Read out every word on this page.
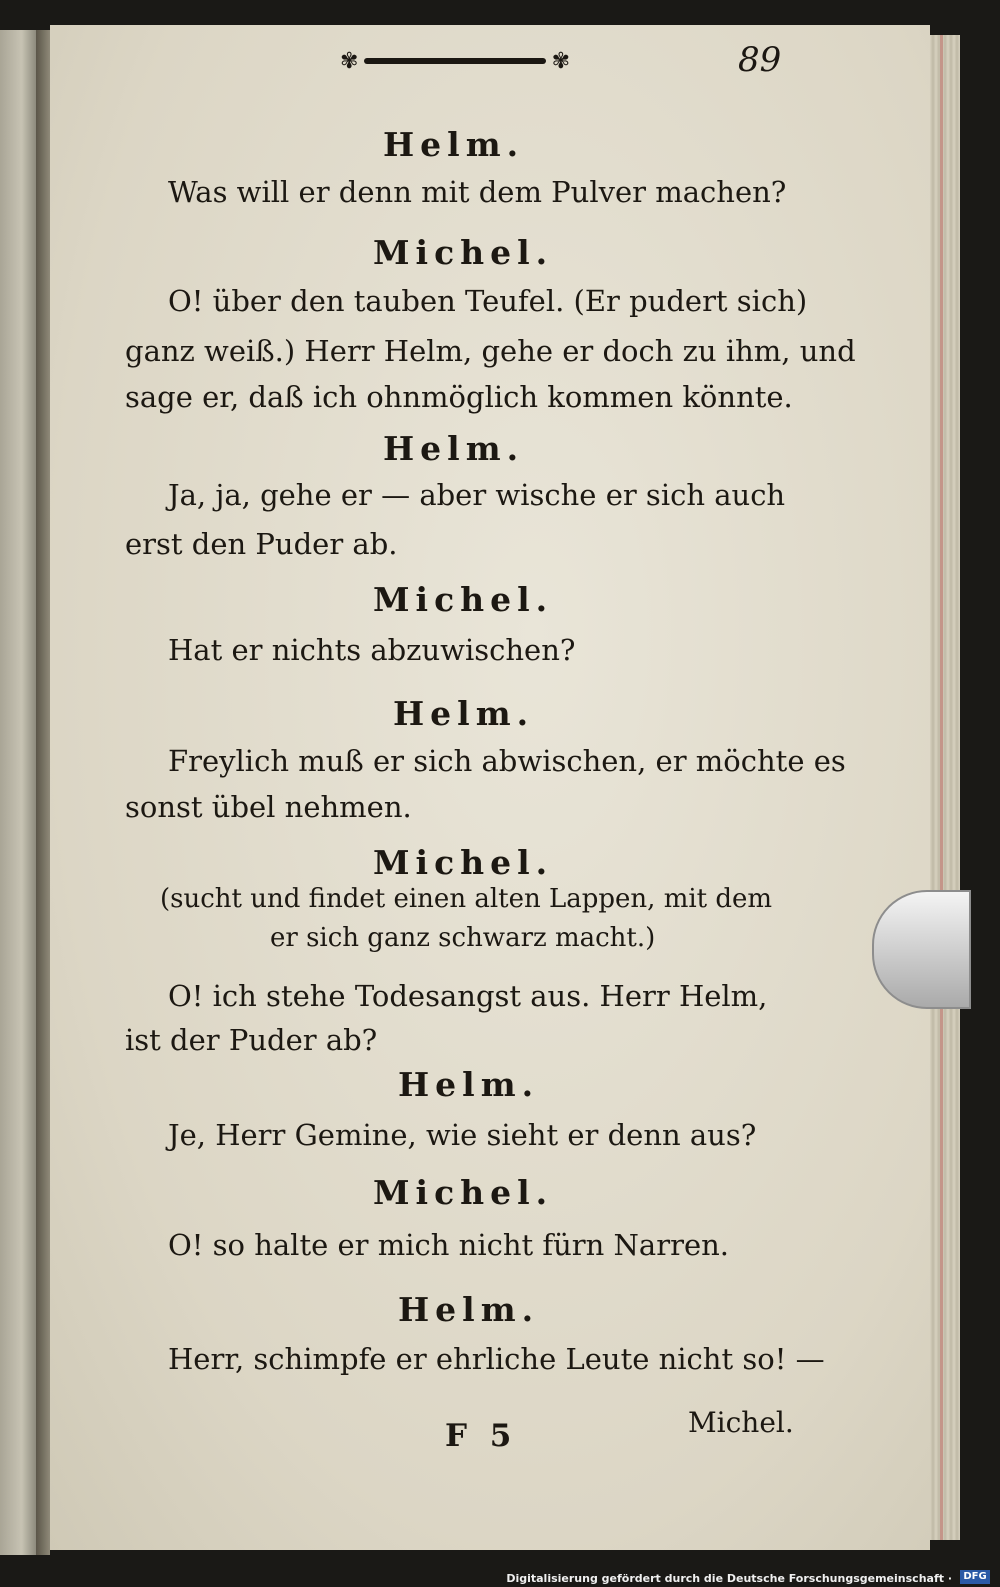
✾	✾	89
Helm.
Was will er denn mit dem Pulver machen?
Michel.
O! über den tauben Teufel. (Er pudert sich)
ganz weiß.) Herr Helm, gehe er doch zu ihm, und
sage er, daß ich ohnmöglich kommen könnte.
Helm.
Ja, ja, gehe er — aber wische er sich auch
erst den Puder ab.
Michel.
Hat er nichts abzuwischen?
Helm.
Freylich muß er sich abwischen, er möchte es
sonst übel nehmen.
Michel.
(sucht und findet einen alten Lappen, mit dem
er sich ganz schwarz macht.)
O! ich stehe Todesangst aus. Herr Helm,
ist der Puder ab?
Helm.
Je, Herr Gemine, wie sieht er denn aus?
Michel.
O! so halte er mich nicht fürn Narren.
Helm.
Herr, schimpfe er ehrliche Leute nicht so! —
F 5	Michel.
Digitalisierung gefördert durch die Deutsche Forschungsgemeinschaft ·	DFG
